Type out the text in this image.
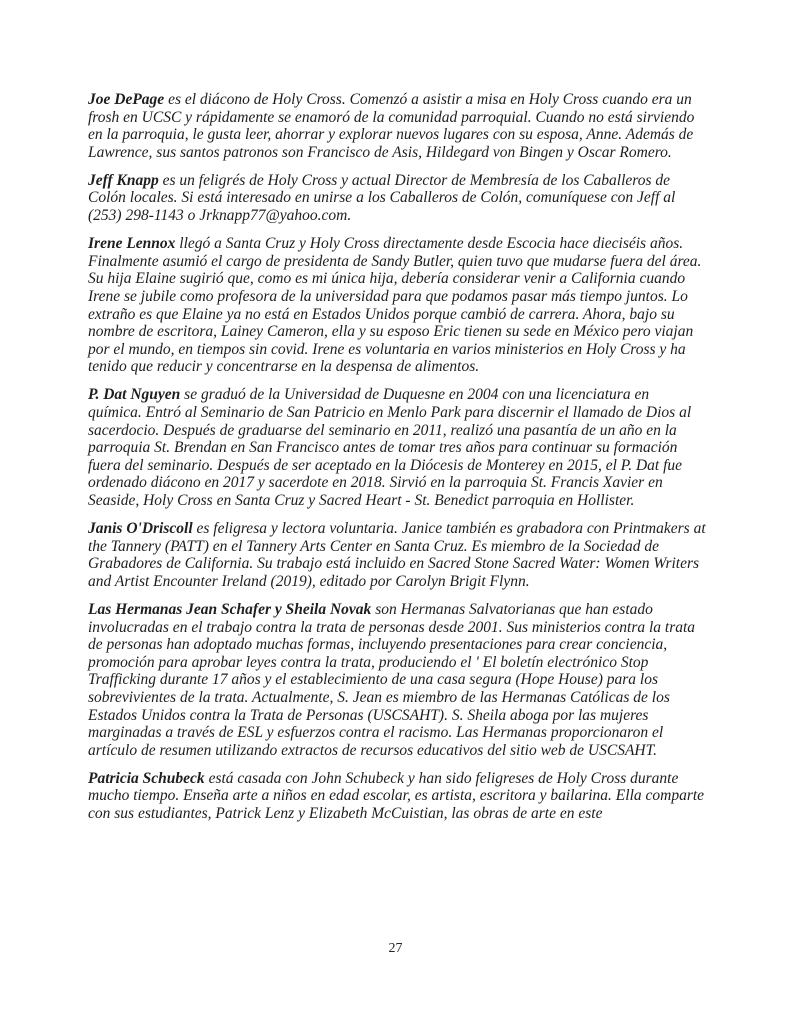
Joe DePage es el diácono de Holy Cross. Comenzó a asistir a misa en Holy Cross cuando era un frosh en UCSC y rápidamente se enamoró de la comunidad parroquial. Cuando no está sirviendo en la parroquia, le gusta leer, ahorrar y explorar nuevos lugares con su esposa, Anne. Además de Lawrence, sus santos patronos son Francisco de Asis, Hildegard von Bingen y Oscar Romero.

Jeff Knapp es un feligrés de Holy Cross y actual Director de Membresía de los Caballeros de Colón locales. Si está interesado en unirse a los Caballeros de Colón, comuníquese con Jeff al (253) 298-1143 o Jrknapp77@yahoo.com.

Irene Lennox llegó a Santa Cruz y Holy Cross directamente desde Escocia hace dieciséis años. Finalmente asumió el cargo de presidenta de Sandy Butler, quien tuvo que mudarse fuera del área. Su hija Elaine sugirió que, como es mi única hija, debería considerar venir a California cuando Irene se jubile como profesora de la universidad para que podamos pasar más tiempo juntos. Lo extraño es que Elaine ya no está en Estados Unidos porque cambió de carrera. Ahora, bajo su nombre de escritora, Lainey Cameron, ella y su esposo Eric tienen su sede en México pero viajan por el mundo, en tiempos sin covid. Irene es voluntaria en varios ministerios en Holy Cross y ha tenido que reducir y concentrarse en la despensa de alimentos.

P. Dat Nguyen se graduó de la Universidad de Duquesne en 2004 con una licenciatura en química. Entró al Seminario de San Patricio en Menlo Park para discernir el llamado de Dios al sacerdocio. Después de graduarse del seminario en 2011, realizó una pasantía de un año en la parroquia St. Brendan en San Francisco antes de tomar tres años para continuar su formación fuera del seminario. Después de ser aceptado en la Diócesis de Monterey en 2015, el P. Dat fue ordenado diácono en 2017 y sacerdote en 2018. Sirvió en la parroquia St. Francis Xavier en Seaside, Holy Cross en Santa Cruz y Sacred Heart - St. Benedict parroquia en Hollister.

Janis O'Driscoll es feligresa y lectora voluntaria. Janice también es grabadora con Printmakers at the Tannery (PATT) en el Tannery Arts Center en Santa Cruz. Es miembro de la Sociedad de Grabadores de California. Su trabajo está incluido en Sacred Stone Sacred Water: Women Writers and Artist Encounter Ireland (2019), editado por Carolyn Brigit Flynn.

Las Hermanas Jean Schafer y Sheila Novak son Hermanas Salvatorianas que han estado involucradas en el trabajo contra la trata de personas desde 2001. Sus ministerios contra la trata de personas han adoptado muchas formas, incluyendo presentaciones para crear conciencia, promoción para aprobar leyes contra la trata, produciendo el ' El boletín electrónico Stop Trafficking durante 17 años y el establecimiento de una casa segura (Hope House) para los sobrevivientes de la trata. Actualmente, S. Jean es miembro de las Hermanas Católicas de los Estados Unidos contra la Trata de Personas (USCSAHT). S. Sheila aboga por las mujeres marginadas a través de ESL y esfuerzos contra el racismo. Las Hermanas proporcionaron el artículo de resumen utilizando extractos de recursos educativos del sitio web de USCSAHT.

Patricia Schubeck está casada con John Schubeck y han sido feligreses de Holy Cross durante mucho tiempo. Enseña arte a niños en edad escolar, es artista, escritora y bailarina. Ella comparte con sus estudiantes, Patrick Lenz y Elizabeth McCuistian, las obras de arte en este

27
